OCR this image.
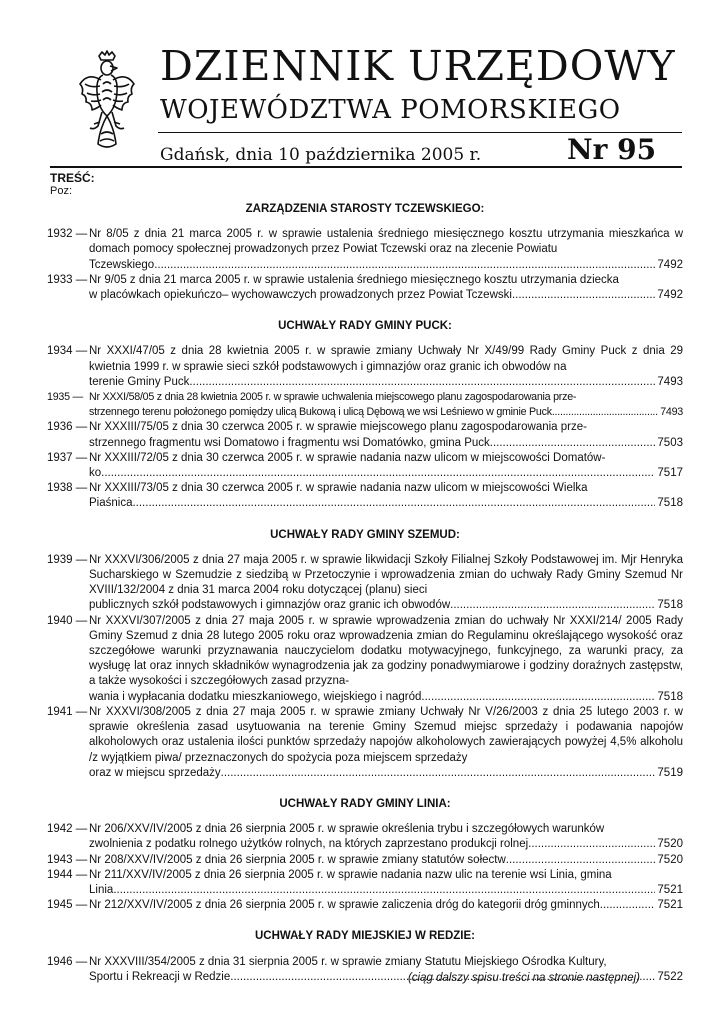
DZIENNIK URZĘDOWY
WOJEWÓDZTWA POMORSKIEGO
Gdańsk, dnia 10 października 2005 r.	Nr 95
TREŚĆ:
Poz:
ZARZĄDZENIA STAROSTY TCZEWSKIEGO:
1932 — Nr 8/05 z dnia 21 marca 2005 r. w sprawie ustalenia średniego miesięcznego kosztu utrzymania mieszkańca w domach pomocy społecznej prowadzonych przez Powiat Tczewski oraz na zlecenie Powiatu
Tczewskiego .....	7492
1933 — Nr 9/05 z dnia 21 marca 2005 r. w sprawie ustalenia średniego miesięcznego kosztu utrzymania dziecka
w placówkach opiekuńczo– wychowawczych prowadzonych przez Powiat Tczewski .....	7492
UCHWAŁY RADY GMINY PUCK:
1934 — Nr XXXI/47/05 z dnia 28 kwietnia 2005 r. w sprawie zmiany Uchwały Nr X/49/99 Rady Gminy Puck z dnia 29 kwietnia 1999 r. w sprawie sieci szkół podstawowych i gimnazjów oraz granic ich obwodów na
terenie Gminy Puck .....	7493
1935 — Nr XXXI/58/05 z dnia 28 kwietnia 2005 r. w sprawie uchwalenia miejscowego planu zagospodarowania prze-
strzennego terenu położonego pomiędzy ulicą Bukową i ulicą Dębową we wsi Leśniewo w gminie Puck .....	7493
1936 — Nr XXXIII/75/05 z dnia 30 czerwca 2005 r. w sprawie miejscowego planu zagospodarowania prze-
strzennego fragmentu wsi Domatowo i fragmentu wsi Domatówko, gmina Puck .....	7503
1937 — Nr XXXIII/72/05 z dnia 30 czerwca 2005 r. w sprawie nadania nazw ulicom w miejscowości Domatów-
ko .....	7517
1938 — Nr XXXIII/73/05 z dnia 30 czerwca 2005 r. w sprawie nadania nazw ulicom w miejscowości Wielka
Piaśnica .....	7518
UCHWAŁY RADY GMINY SZEMUD:
1939 — Nr XXXVI/306/2005 z dnia 27 maja 2005 r. w sprawie likwidacji Szkoły Filialnej Szkoły Podstawowej im. Mjr Henryka Sucharskiego w Szemudzie z siedzibą w Przetoczynie i wprowadzenia zmian do uchwały Rady Gminy Szemud Nr XVIII/132/2004 z dnia 31 marca 2004 roku dotyczącej (planu) sieci
publicznych szkół podstawowych i gimnazjów oraz granic ich obwodów .....	7518
1940 — Nr XXXVI/307/2005 z dnia 27 maja 2005 r. w sprawie wprowadzenia zmian do uchwały Nr XXXI/214/ 2005 Rady Gminy Szemud z dnia 28 lutego 2005 roku oraz wprowadzenia zmian do Regulaminu określającego wysokość oraz szczegółowe warunki przyznawania nauczycielom dodatku motywacyjnego, funkcyjnego, za warunki pracy, za wysługę lat oraz innych składników wynagrodzenia jak za godziny ponadwymiarowe i godziny doraźnych zastępstw, a także wysokości i szczegółowych zasad przyzna-
wania i wypłacania dodatku mieszkaniowego, wiejskiego i nagród .....	7518
1941 — Nr XXXVI/308/2005 z dnia 27 maja 2005 r. w sprawie zmiany Uchwały Nr V/26/2003 z dnia 25 lutego 2003 r. w sprawie określenia zasad usytuowania na terenie Gminy Szemud miejsc sprzedaży i podawania napojów alkoholowych oraz ustalenia ilości punktów sprzedaży napojów alkoholowych zawierających powyżej 4,5% alkoholu /z wyjątkiem piwa/ przeznaczonych do spożycia poza miejscem sprzedaży
oraz w miejscu sprzedaży .....	7519
UCHWAŁY RADY GMINY LINIA:
1942 — Nr 206/XXV/IV/2005 z dnia 26 sierpnia 2005 r. w sprawie określenia trybu i szczegółowych warunków
zwolnienia z podatku rolnego użytków rolnych, na których zaprzestano produkcji rolnej .....	7520
1943 — Nr 208/XXV/IV/2005 z dnia 26 sierpnia 2005 r. w sprawie zmiany statutów sołectw .....	7520
1944 — Nr 211/XXV/IV/2005 z dnia 26 sierpnia 2005 r. w sprawie nadania nazw ulic na terenie wsi Linia, gmina
Linia .....	7521
1945 — Nr 212/XXV/IV/2005 z dnia 26 sierpnia 2005 r. w sprawie zaliczenia dróg do kategorii dróg gminnych .....	7521
UCHWAŁY RADY MIEJSKIEJ W REDZIE:
1946 — Nr XXXVIII/354/2005 z dnia 31 sierpnia 2005 r. w sprawie zmiany Statutu Miejskiego Ośrodka Kultury,
Sportu i Rekreacji w Redzie .....	7522
(ciąg dalszy spisu treści na stronie następnej)
